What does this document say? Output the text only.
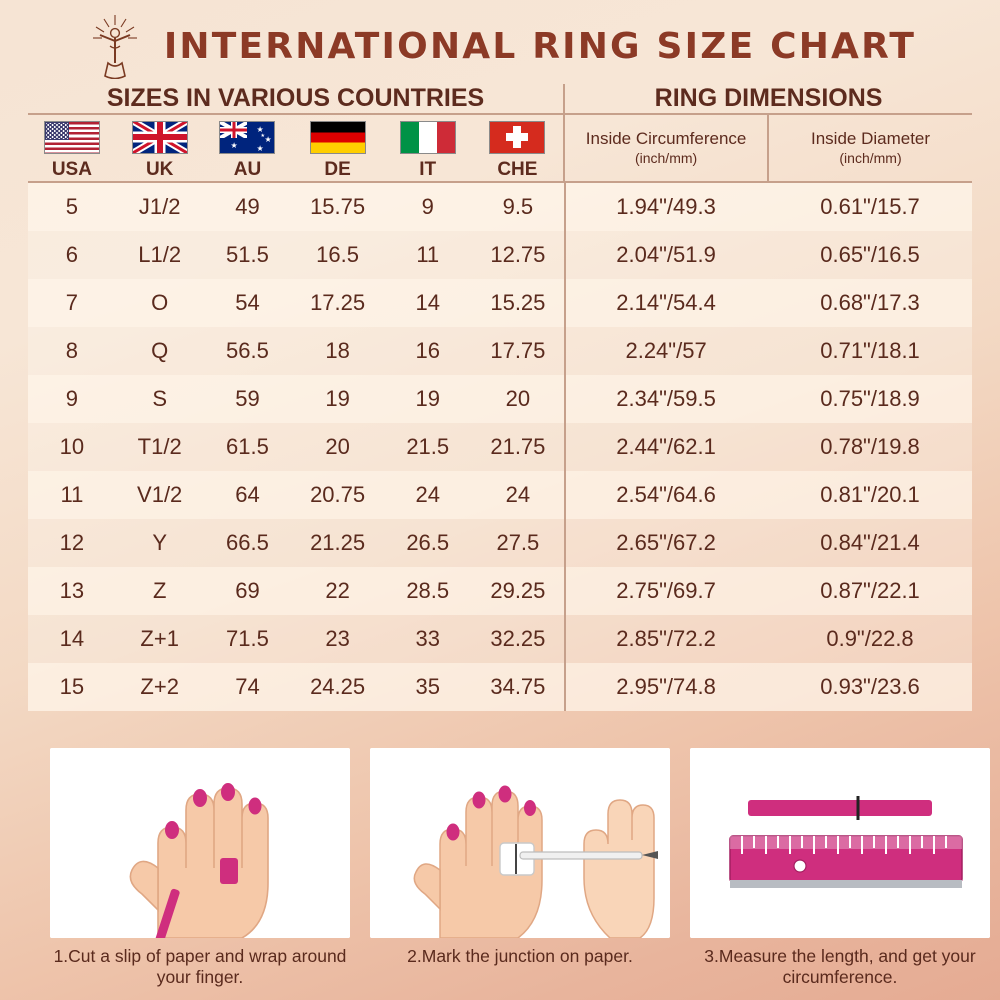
INTERNATIONAL RING SIZE CHART
SIZES IN VARIOUS COUNTRIES						RING DIMENSIONS	

		★
★
★
★
★				Inside Circumference
(inch/mm)	Inside Diameter
(inch/mm)

USA	UK	AU	DE	IT	CHE		

5	J1/2	49	15.75	9	9.5	1.94"/49.3	0.61"/15.7
6	L1/2	51.5	16.5	11	12.75	2.04"/51.9	0.65"/16.5
7	O	54	17.25	14	15.25	2.14"/54.4	0.68"/17.3
8	Q	56.5	18	16	17.75	2.24"/57	0.71"/18.1
9	S	59	19	19	20	2.34"/59.5	0.75"/18.9
10	T1/2	61.5	20	21.5	21.75	2.44"/62.1	0.78"/19.8
11	V1/2	64	20.75	24	24	2.54"/64.6	0.81"/20.1
12	Y	66.5	21.25	26.5	27.5	2.65"/67.2	0.84"/21.4
13	Z	69	22	28.5	29.25	2.75"/69.7	0.87"/22.1
14	Z+1	71.5	23	33	32.25	2.85"/72.2	0.9"/22.8
15	Z+2	74	24.25	35	34.75	2.95"/74.8	0.93"/23.6
1.Cut a slip of paper and wrap around your finger.
2.Mark the junction on paper.	3.Measure the length, and get your circumference.
